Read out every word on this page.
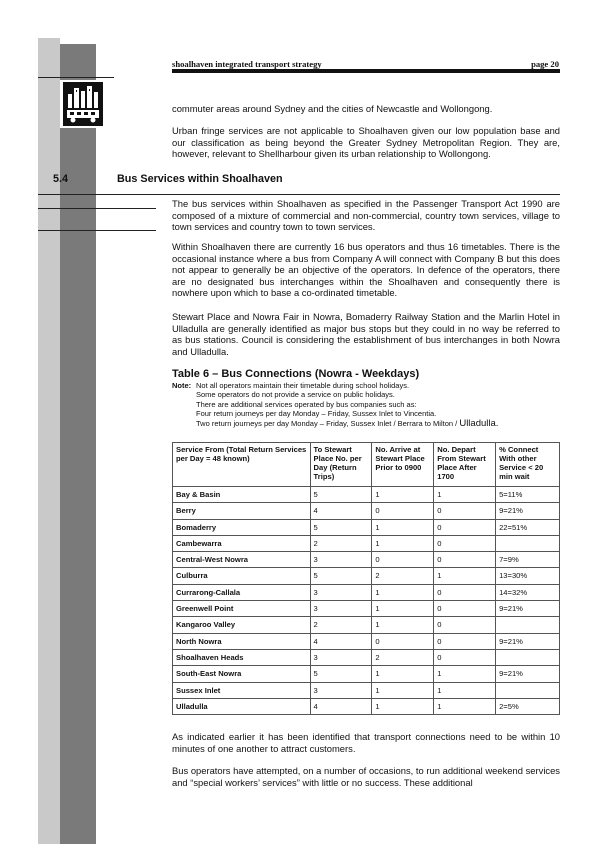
shoalhaven integrated transport strategy	page 20

commuter areas around Sydney and the cities of Newcastle and Wollongong.

Urban fringe services are not applicable to Shoalhaven given our low population base and our classification as being beyond the Greater Sydney Metropolitan Region. They are, however, relevant to Shellharbour given its urban relationship to Wollongong.

5.4	Bus Services within Shoalhaven

The bus services within Shoalhaven as specified in the Passenger Transport Act 1990 are composed of a mixture of commercial and non-commercial, country town services, village to town services and country town to town services.

Within Shoalhaven there are currently 16 bus operators and thus 16 timetables. There is the occasional instance where a bus from Company A will connect with Company B but this does not appear to generally be an objective of the operators. In defence of the operators, there are no designated bus interchanges within the Shoalhaven and consequently there is nowhere upon which to base a co-ordinated timetable.

Stewart Place and Nowra Fair in Nowra, Bomaderry Railway Station and the Marlin Hotel in Ulladulla are generally identified as major bus stops but they could in no way be referred to as bus stations. Council is considering the establishment of bus interchanges in both Nowra and Ulladulla.

Table 6 – Bus Connections (Nowra - Weekdays)
Note: Not all operators maintain their timetable during school holidays.
Some operators do not provide a service on public holidays.
There are additional services operated by bus companies such as:
Four return journeys per day Monday – Friday, Sussex Inlet to Vincentia.
Two return journeys per day Monday – Friday, Sussex Inlet / Berrara to Milton / Ulladulla.
Service From (Total Return Services per Day = 48 known)	To Stewart Place No. per Day (Return Trips)	No. Arrive at Stewart Place Prior to 0900	No. Depart From Stewart Place After 1700	% Connect With other Service < 20 min wait
Bay & Basin	5	1	1	5=11%
Berry	4	0	0	9=21%
Bomaderry	5	1	0	22=51%
Cambewarra	2	1	0	
Central-West Nowra	3	0	0	7=9%
Culburra	5	2	1	13=30%
Currarong-Callala	3	1	0	14=32%
Greenwell Point	3	1	0	9=21%
Kangaroo Valley	2	1	0	
North Nowra	4	0	0	9=21%
Shoalhaven Heads	3	2	0	
South-East Nowra	5	1	1	9=21%
Sussex Inlet	3	1	1	
Ulladulla	4	1	1	2=5%

As indicated earlier it has been identified that transport connections need to be within 10 minutes of one another to attract customers.

Bus operators have attempted, on a number of occasions, to run additional weekend services and “special workers’ services” with little or no success. These additional
